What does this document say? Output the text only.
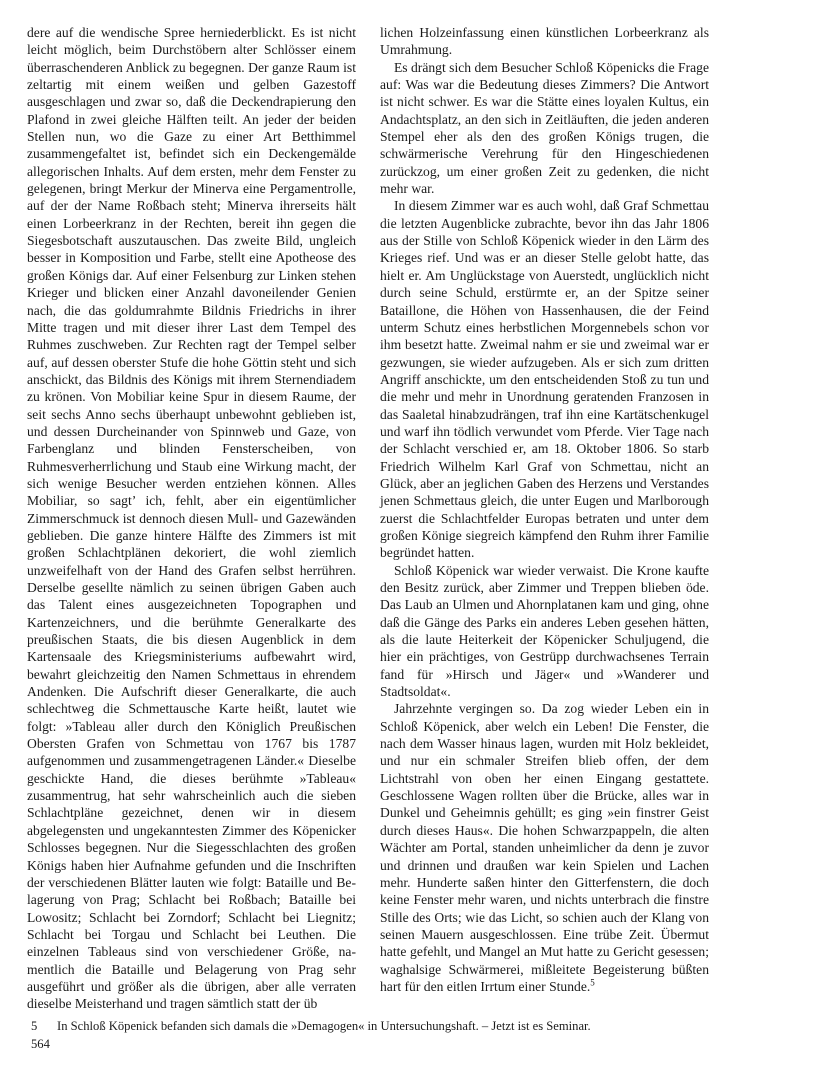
dere auf die wendische Spree herniederblickt. Es ist nicht leicht möglich, beim Durchstöbern alter Schlösser einem überraschenderen Anblick zu begegnen. Der ganze Raum ist zeltartig mit einem weißen und gelben Gazestoff ausgeschlagen und zwar so, daß die Deckendrapierung den Plafond in zwei gleiche Hälften teilt. An jeder der beiden Stellen nun, wo die Gaze zu einer Art Betthimmel zusammengefaltet ist, befindet sich ein Deckengemälde allegorischen Inhalts. Auf dem ersten, mehr dem Fenster zu gelegenen, bringt Merkur der Minerva eine Pergamentrolle, auf der der Name Roßbach steht; Minerva ihrerseits hält einen Lorbeerkranz in der Rechten, bereit ihn gegen die Siegesbotschaft auszutauschen. Das zweite Bild, ungleich besser in Komposition und Farbe, stellt eine Apotheose des großen Königs dar. Auf einer Felsenburg zur Linken stehen Krieger und blicken einer Anzahl davoneilender Genien nach, die das goldumrahmte Bildnis Friedrichs in ihrer Mitte tragen und mit dieser ihrer Last dem Tempel des Ruhmes zuschweben. Zur Rechten ragt der Tempel selber auf, auf dessen oberster Stufe die hohe Göttin steht und sich anschickt, das Bildnis des Königs mit ihrem Sternendiadem zu krönen. Von Mobiliar keine Spur in diesem Raume, der seit sechs Anno sechs überhaupt unbewohnt geblieben ist, und dessen Durcheinander von Spinnweb und Gaze, von Farbenglanz und blinden Fensterscheiben, von Ruhmesverherrlichung und Staub eine Wirkung macht, der sich wenige Besucher werden entziehen können. Alles Mobiliar, so sagt’ ich, fehlt, aber ein eigentümlicher Zimmerschmuck ist dennoch diesen Mull- und Gazewänden geblieben. Die ganze hintere Hälfte des Zimmers ist mit großen Schlachtplänen dekoriert, die wohl ziemlich unzweifelhaft von der Hand des Grafen selbst herrühren. Derselbe gesellte nämlich zu seinen übrigen Gaben auch das Talent eines ausgezeichneten Topographen und Kartenzeichners, und die berühmte Generalkarte des preußischen Staats, die bis diesen Augenblick in dem Kartensaale des Kriegsministeriums aufbewahrt wird, bewahrt gleichzeitig den Namen Schmettaus in ehrendem Andenken. Die Aufschrift dieser Generalkarte, die auch schlechtweg die Schmettausche Karte heißt, lautet wie folgt: »Tableau aller durch den Königlich Preußischen Obersten Grafen von Schmettau von 1767 bis 1787 aufgenommen und zusammengetragenen Länder.« Dieselbe geschickte Hand, die dieses berühmte »Tableau« zusammentrug, hat sehr wahrscheinlich auch die sieben Schlachtpläne gezeichnet, denen wir in diesem abgelegensten und ungekanntesten Zimmer des Köpenicker Schlosses begegnen. Nur die Siegesschlachten des großen Königs haben hier Aufnahme gefunden und die Inschriften der verschiedenen Blätter lauten wie folgt: Bataille und Belagerung von Prag; Schlacht bei Roßbach; Bataille bei Lowositz; Schlacht bei Zorndorf; Schlacht bei Liegnitz; Schlacht bei Torgau und Schlacht bei Leuthen. Die einzelnen Tableaus sind von verschiedener Größe, namentlich die Bataille und Belagerung von Prag sehr ausgeführt und größer als die übrigen, aber alle verraten dieselbe Meisterhand und tragen sämtlich statt der üb

lichen Holzeinfassung einen künstlichen Lorbeerkranz als Umrahmung.

Es drängt sich dem Besucher Schloß Köpenicks die Frage auf: Was war die Bedeutung dieses Zimmers? Die Antwort ist nicht schwer. Es war die Stätte eines loyalen Kultus, ein Andachtsplatz, an den sich in Zeitläuften, die jeden anderen Stempel eher als den des großen Königs trugen, die schwärmerische Verehrung für den Hingeschiedenen zurückzog, um einer großen Zeit zu gedenken, die nicht mehr war.

In diesem Zimmer war es auch wohl, daß Graf Schmettau die letzten Augenblicke zubrachte, bevor ihn das Jahr 1806 aus der Stille von Schloß Köpenick wieder in den Lärm des Krieges rief. Und was er an dieser Stelle gelobt hatte, das hielt er. Am Unglückstage von Auerstedt, unglücklich nicht durch seine Schuld, erstürmte er, an der Spitze seiner Bataillone, die Höhen von Hassenhausen, die der Feind unterm Schutz eines herbstlichen Morgennebels schon vor ihm besetzt hatte. Zweimal nahm er sie und zweimal war er gezwungen, sie wieder aufzugeben. Als er sich zum dritten Angriff anschickte, um den entscheidenden Stoß zu tun und die mehr und mehr in Unordnung geratenden Franzosen in das Saaletal hinabzudrängen, traf ihn eine Kartätschenkugel und warf ihn tödlich verwundet vom Pferde. Vier Tage nach der Schlacht verschied er, am 18. Oktober 1806. So starb Friedrich Wilhelm Karl Graf von Schmettau, nicht an Glück, aber an jeglichen Gaben des Herzens und Verstandes jenen Schmettaus gleich, die unter Eugen und Marlborough zuerst die Schlachtfelder Europas betraten und unter dem großen Könige siegreich kämpfend den Ruhm ihrer Familie begründet hatten.

Schloß Köpenick war wieder verwaist. Die Krone kaufte den Besitz zurück, aber Zimmer und Treppen blieben öde. Das Laub an Ulmen und Ahornplatanen kam und ging, ohne daß die Gänge des Parks ein anderes Leben gesehen hätten, als die laute Heiterkeit der Köpenicker Schuljugend, die hier ein prächtiges, von Gestrüpp durchwachsenes Terrain fand für »Hirsch und Jäger« und »Wanderer und Stadtsoldat«.

Jahrzehnte vergingen so. Da zog wieder Leben ein in Schloß Köpenick, aber welch ein Leben! Die Fenster, die nach dem Wasser hinaus lagen, wurden mit Holz bekleidet, und nur ein schmaler Streifen blieb offen, der dem Lichtstrahl von oben her einen Eingang gestattete. Geschlossene Wagen rollten über die Brücke, alles war in Dunkel und Geheimnis gehüllt; es ging »ein finstrer Geist durch dieses Haus«. Die hohen Schwarzpappeln, die alten Wächter am Portal, standen unheimlicher da denn je zuvor und drinnen und draußen war kein Spielen und Lachen mehr. Hunderte saßen hinter den Gitterfenstern, die doch keine Fenster mehr waren, und nichts unterbrach die finstre Stille des Orts; wie das Licht, so schien auch der Klang von seinen Mauern ausgeschlossen. Eine trübe Zeit. Übermut hatte gefehlt, und Mangel an Mut hatte zu Gericht gesessen; waghalsige Schwärmerei, mißleitete Begeisterung büßten hart für den eitlen Irrtum einer Stunde.$^5$

5 In Schloß Köpenick befanden sich damals die »Demagogen« in Untersuchungshaft. – Jetzt ist es Seminar.
564
